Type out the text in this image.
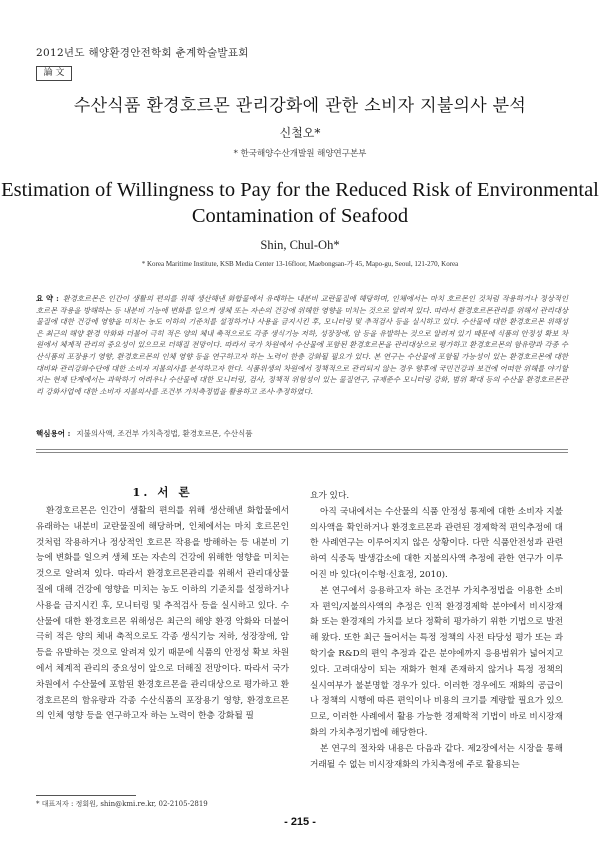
2012년도 해양환경안전학회 춘계학술발표회
論 文
수산식품 환경호르몬 관리강화에 관한 소비자 지불의사 분석
신철오*
* 한국해양수산개발원 해양연구본부
Estimation of Willingness to Pay for the Reduced Risk of Environmental Contamination of Seafood
Shin, Chul-Oh*
* Korea Maritime Institute, KSB Media Center 13-16floor, Maebongsan-가 45, Mapo-gu, Seoul, 121-270, Korea
요 약 : 환경호르몬은 인간이 생활의 편의를 위해 생산해낸 화합물에서 유래하는 내분비 교란물질에 해당하며, 인체에서는 마치 호르몬인 것처럼 작용하거나 정상적인 호르몬 작용을 방해하는 등 내분비 기능에 변화를 일으켜 생체 또는 자손의 건강에 위해한 영향을 미치는 것으로 알려져 있다. 따라서 환경호르몬관리를 위해서 관리대상물질에 대한 건강에 영향을 미치는 농도 이하의 기준치를 설정하거나 사용을 금지시킨 후, 모니터링 및 추적검사 등을 실시하고 있다. 수산물에 대한 환경호르몬 위해성은 최근의 해양 환경 악화와 더불어 극히 적은 양의 체내 축적으로도 각종 생식기능 저하, 성장장애, 암 등을 유발하는 것으로 알려져 있기 때문에 식품의 안정성 확보 차원에서 체계적 관리의 중요성이 있으므로 더해질 전망이다. 따라서 국가 차원에서 수산물에 포함된 환경호르몬을 관리대상으로 평가하고 환경호르몬의 함유량과 각종 수산식품의 포장용기 영향, 환경호르몬의 인체 영향 등을 연구하고자 하는 노력이 한층 강화될 필요가 있다. 본 연구는 수산물에 포함될 가능성이 있는 환경호르몬에 대한 대비와 관리강화수단에 대한 소비자 지불의사를 분석하고자 한다. 식품위생의 차원에서 정책적으로 관리되지 않는 경우 향후에 국민건강과 보건에 어떠한 위해를 야기할지는 현재 단계에서는 과학하기 어려우나 수산물에 대한 모니터링, 검사, 정책적 위험성이 있는 물질연구, 규제준수 모니터링 강화, 범위 확대 등의 수산물 환경호르몬관리 강화사업에 대한 소비자 지불의사를 조건부 가치측정법을 활용하고 조사·추정하였다.
핵심용어 : 지불의사액, 조건부 가치측정법, 환경호르몬, 수산식품
1. 서 론

환경호르몬은 인간이 생활의 편의를 위해 생산해낸 화합물에서 유래하는 내분비 교란물질에 해당하며, 인체에서는 마치 호르몬인 것처럼 작용하거나 정상적인 호르몬 작용을 방해하는 등 내분비 기능에 변화를 일으켜 생체 또는 자손의 건강에 위해한 영향을 미치는 것으로 알려져 있다. 따라서 환경호르몬관리를 위해서 관리대상물질에 대해 건강에 영향을 미치는 농도 이하의 기준치를 설정하거나 사용을 금지시킨 후, 모니터링 및 추적검사 등을 실시하고 있다. 수산물에 대한 환경호르몬 위해성은 최근의 해양 환경 악화와 더불어 극히 적은 양의 체내 축적으로도 각종 생식기능 저하, 성장장애, 암 등을 유발하는 것으로 알려져 있기 때문에 식품의 안정성 확보 차원에서 체계적 관리의 중요성이 앞으로 더해질 전망이다. 따라서 국가 차원에서 수산물에 포함된 환경호르몬을 관리대상으로 평가하고 환경호르몬의 함유량과 각종 수산식품의 포장용기 영향, 환경호르몬의 인체 영향 등을 연구하고자 하는 노력이 한층 강화될 필

요가 있다.

아직 국내에서는 수산물의 식품 안정성 통제에 대한 소비자 지불의사액을 확인하거나 환경호르몬과 관련된 경제학적 편익추정에 대한 사례연구는 이루어지지 않은 상황이다. 다만 식품안전성과 관련하여 식중독 발생감소에 대한 지불의사액 추정에 관한 연구가 이루어진 바 있다(이수형·신효정, 2010).

본 연구에서 응용하고자 하는 조건부 가치추정법을 이용한 소비자 편익/지불의사액의 추정은 인적 환경경제학 분야에서 비시장재화 또는 환경재의 가치를 보다 정확히 평가하기 위한 기법으로 발전해 왔다. 또한 최근 들어서는 특정 정책의 사전 타당성 평가 또는 과학기술 R&D의 편익 추정과 같은 분야에까지 응용범위가 넓어지고 있다. 고려대상이 되는 재화가 현재 존재하지 않거나 특정 정책의 실시여부가 불분명할 경우가 있다. 이러한 경우에도 재화의 공급이나 정책의 시행에 따른 편익이나 비용의 크기를 계량할 필요가 있으므로, 이러한 사례에서 활용 가능한 경제학적 기법이 바로 비시장재화의 가치추정기법에 해당한다.

본 연구의 절차와 내용은 다음과 같다. 제2장에서는 시장을 통해 거래될 수 없는 비시장재화의 가치측정에 주로 활용되는

* 대표저자 : 정회원, shin@kmi.re.kr, 02-2105-2819
- 215 -
